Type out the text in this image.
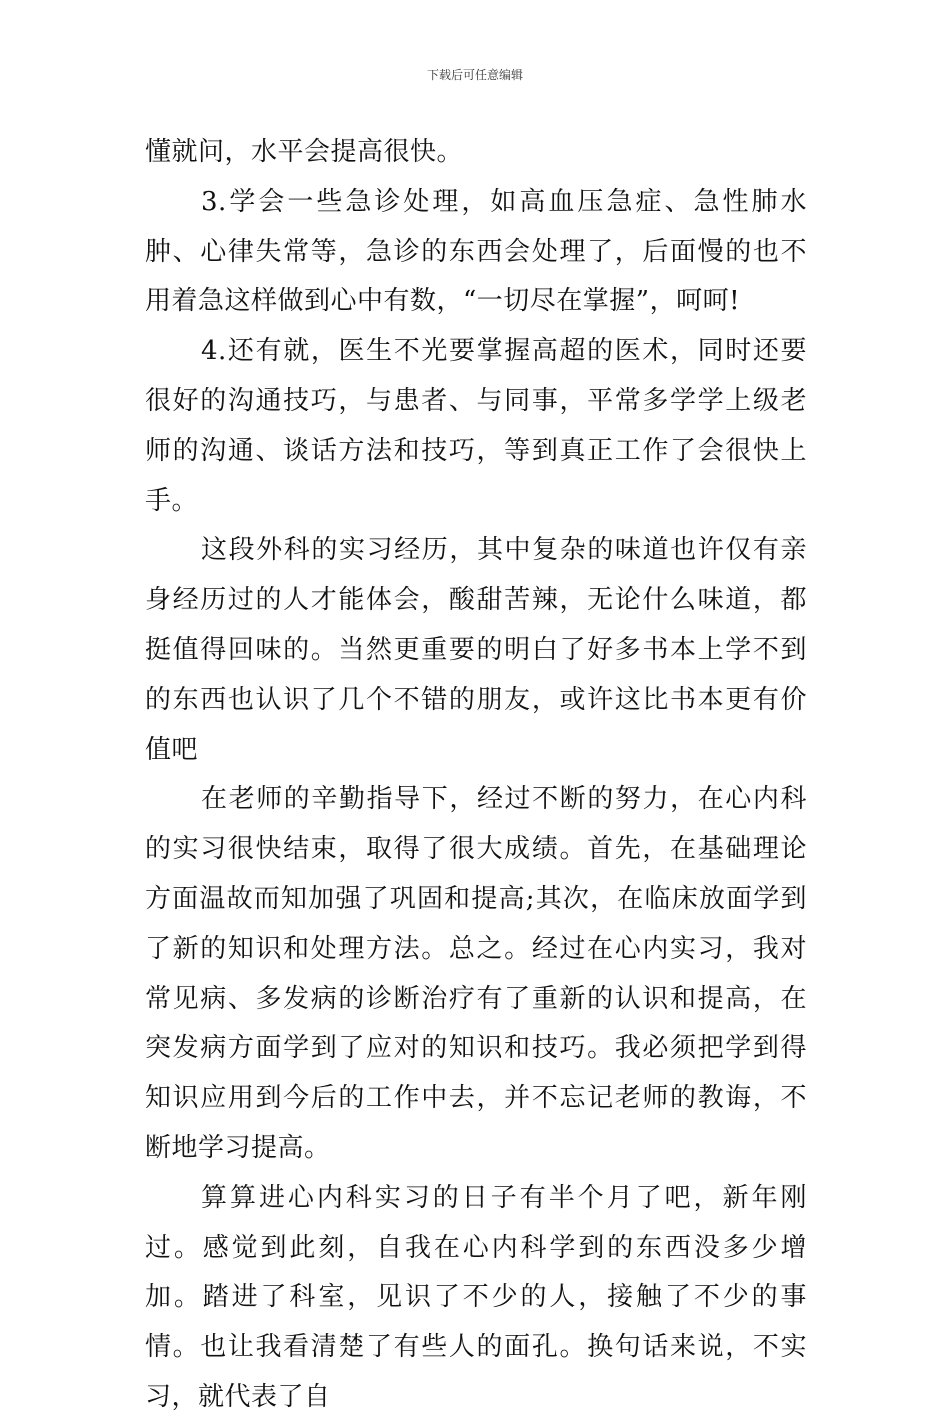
下载后可任意编辑

懂就问，水平会提高很快。

3.学会一些急诊处理，如高血压急症、急性肺水肿、心律失常等，急诊的东西会处理了，后面慢的也不用着急这样做到心中有数，“一切尽在掌握”，呵呵!

4.还有就，医生不光要掌握高超的医术，同时还要很好的沟通技巧，与患者、与同事，平常多学学上级老师的沟通、谈话方法和技巧，等到真正工作了会很快上手。

这段外科的实习经历，其中复杂的味道也许仅有亲身经历过的人才能体会，酸甜苦辣，无论什么味道，都挺值得回味的。当然更重要的明白了好多书本上学不到的东西也认识了几个不错的朋友，或许这比书本更有价值吧

在老师的辛勤指导下，经过不断的努力，在心内科的实习很快结束，取得了很大成绩。首先，在基础理论方面温故而知加强了巩固和提高;其次，在临床放面学到了新的知识和处理方法。总之。经过在心内实习，我对常见病、多发病的诊断治疗有了重新的认识和提高，在突发病方面学到了应对的知识和技巧。我必须把学到得知识应用到今后的工作中去，并不忘记老师的教诲，不断地学习提高。

算算进心内科实习的日子有半个月了吧，新年刚过。感觉到此刻，自我在心内科学到的东西没多少增加。踏进了科室，见识了不少的人，接触了不少的事情。也让我看清楚了有些人的面孔。换句话来说，不实习，就代表了自
